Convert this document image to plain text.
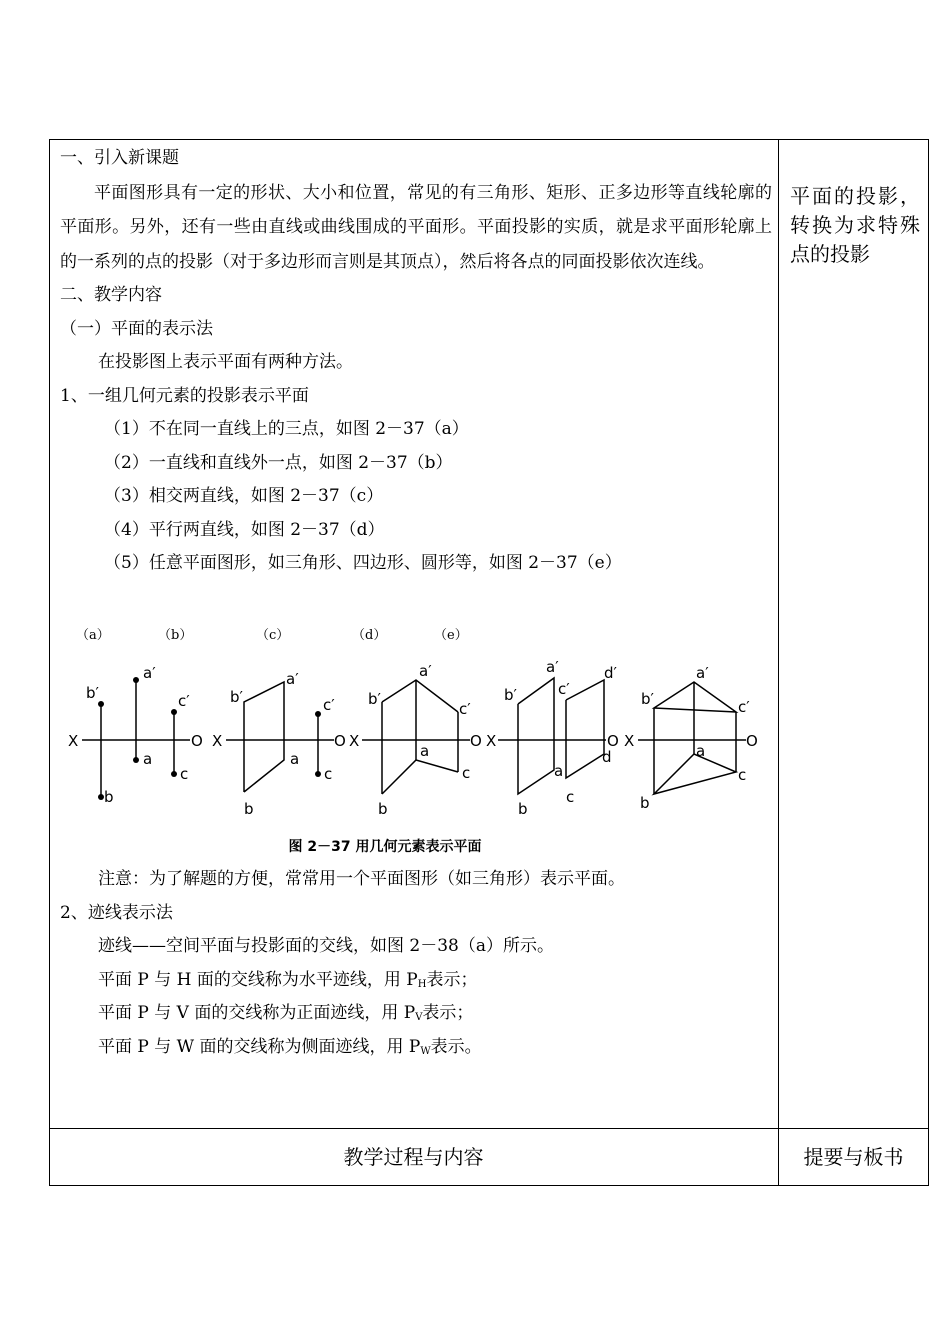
一、引入新课题

平面图形具有一定的形状、大小和位置，常见的有三角形、矩形、正多边形等直线轮廓的平面形。另外，还有一些由直线或曲线围成的平面形。平面投影的实质，就是求平面形轮廓上的一系列的点的投影（对于多边形而言则是其顶点），然后将各点的同面投影依次连线。

二、教学内容
（一）平面的表示法
在投影图上表示平面有两种方法。
1、一组几何元素的投影表示平面
（1）不在同一直线上的三点，如图 2－37（a）
（2）一直线和直线外一点，如图 2－37（b）
（3）相交两直线，如图 2－37（c）
（4）平行两直线，如图 2－37（d）
（5）任意平面图形，如三角形、四边形、圆形等，如图 2－37（e）
（a）	（b）	（c）	（d）	（e）
X	O X	O X	O X	O X	O
b′
b
a′
a
c′
c
b′
a′
a
b
c′
c
b′
a′
c′
a
c
b
b′
a′
c′
d′
a
d
b
c
b′
a′
c′
a
c
b
图 2－37 用几何元素表示平面
注意：为了解题的方便，常常用一个平面图形（如三角形）表示平面。
2、迹线表示法
迹线——空间平面与投影面的交线，如图 2－38（a）所示。
平面 P 与 H 面的交线称为水平迹线，用 $P_H$表示；
平面 P 与 V 面的交线称为正面迹线，用 $P_V$表示；
平面 P 与 W 面的交线称为侧面迹线，用 $P_W$表示。
平面的投影，转换为求特殊点的投影
教学过程与内容	提要与板书
